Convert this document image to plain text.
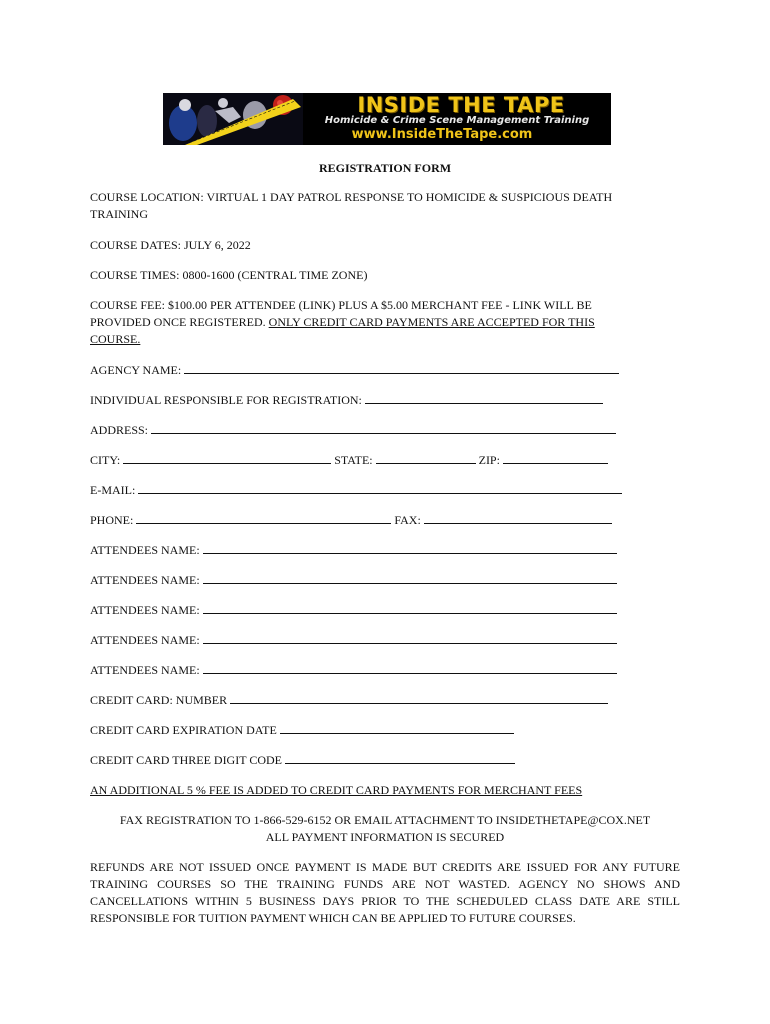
INSIDE THE TAPE
Homicide & Crime Scene Management Training
www.InsideTheTape.com
REGISTRATION FORM
COURSE LOCATION: VIRTUAL 1 DAY PATROL RESPONSE TO HOMICIDE & SUSPICIOUS DEATH TRAINING
COURSE DATES: JULY 6, 2022
COURSE TIMES: 0800-1600 (CENTRAL TIME ZONE)
COURSE FEE: $100.00 PER ATTENDEE (LINK) PLUS A $5.00 MERCHANT FEE - LINK WILL BE PROVIDED ONCE REGISTERED. ONLY CREDIT CARD PAYMENTS ARE ACCEPTED FOR THIS COURSE.
AGENCY NAME:
INDIVIDUAL RESPONSIBLE FOR REGISTRATION:
ADDRESS:
CITY:	STATE:	ZIP:
E-MAIL:
PHONE:	FAX:
ATTENDEES NAME:
ATTENDEES NAME:
ATTENDEES NAME:
ATTENDEES NAME:
ATTENDEES NAME:
CREDIT CARD: NUMBER
CREDIT CARD EXPIRATION DATE
CREDIT CARD THREE DIGIT CODE
AN ADDITIONAL 5 % FEE IS ADDED TO CREDIT CARD PAYMENTS FOR MERCHANT FEES
FAX REGISTRATION TO 1-866-529-6152 OR EMAIL ATTACHMENT TO INSIDETHETAPE@COX.NET
ALL PAYMENT INFORMATION IS SECURED
REFUNDS ARE NOT ISSUED ONCE PAYMENT IS MADE BUT CREDITS ARE ISSUED FOR ANY FUTURE TRAINING COURSES SO THE TRAINING FUNDS ARE NOT WASTED. AGENCY NO SHOWS AND CANCELLATIONS WITHIN 5 BUSINESS DAYS PRIOR TO THE SCHEDULED CLASS DATE ARE STILL RESPONSIBLE FOR TUITION PAYMENT WHICH CAN BE APPLIED TO FUTURE COURSES.
